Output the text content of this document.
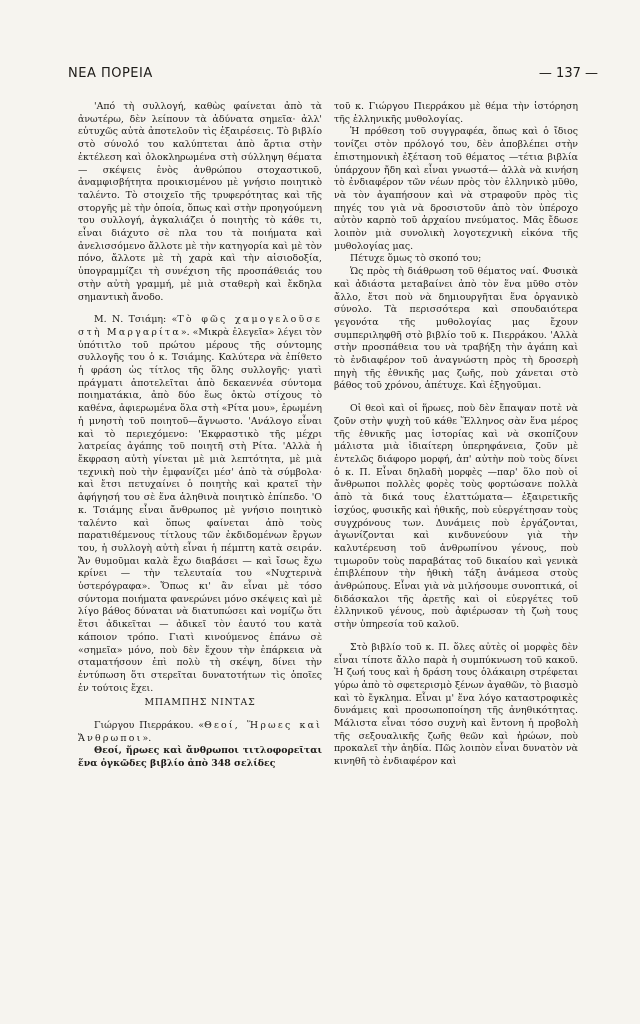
ΝΕΑ ΠΟΡΕΙΑ	— 137 —

'Από τὴ συλλογή, καθὼς φαίνεται ἀπὸ τὰ ἀνωτέρω, δὲν λείπουν τὰ ἀδύνατα σημεῖα· ἀλλ' εὐτυχῶς αὐτὰ ἀποτελοῦν τὶς ἐξαιρέσεις. Τὸ βιβλίο στὸ σύνολό του καλύπτεται ἀπὸ ἄρτια στὴν ἐκτέλεση καὶ ὁλοκληρωμένα στὴ σύλληψη θέματα — σκέψεις ἑνὸς ἀνθρώπου στοχαστικοῦ, ἀναμφισβήτητα προικισμένου μὲ γνήσιο ποιητικὸ ταλέντο. Τὸ στοιχεῖο τῆς τρυφερότητας καὶ τῆς στοργῆς μὲ τὴν ὁποία, ὅπως καὶ στὴν προηγούμενη του συλλογή, ἀγκαλιάζει ὁ ποιητὴς τὸ κάθε τι, εἶναι διάχυτο σὲ πλα του τὰ ποιήματα καὶ ἀνελισσόμενο ἄλλοτε μὲ τὴν κατηγορία καὶ μὲ τὸν πόνο, ἄλλοτε μὲ τὴ χαρὰ καὶ τὴν αἰσιοδοξία, ὑπογραμμίζει τὴ συνέχιση τῆς προσπάθειάς του στὴν αὐτὴ γραμμή, μὲ μιὰ σταθερὴ καὶ ἔκδηλα σημαντικὴ ἄνοδο.

Μ. Ν. Τσιάμη: «Τὸ φῶς χαμογελοῦσε στὴ Μαργαρίτα». «Μικρὰ ἐλεγεῖα» λέγει τὸν ὑπότιτλο τοῦ πρώτου μέρους τῆς σύντομης συλλογῆς του ὁ κ. Τσιάμης. Καλύτερα νὰ ἐπίθετο ἡ φράση ὡς τίτλος τῆς ὅλης συλλογῆς· γιατὶ πράγματι ἀποτελεῖται ἀπὸ δεκαεννέα σύντομα ποιηματάκια, ἀπὸ δύο ἕως ὀκτὼ στίχους τὸ καθένα, ἀφιερωμένα ὅλα στὴ «Ρίτα μου», ἑρωμένη ἡ μνηστὴ τοῦ ποιητοῦ—ἄγνωστο. 'Ανάλογο εἶναι καὶ τὸ περιεχόμενο: 'Εκφραστικὸ τῆς μέχρι λατρείας ἀγάπης τοῦ ποιητῆ στὴ Ρίτα. 'Αλλὰ ἡ ἔκφραση αὐτὴ γίνεται μὲ μιὰ λεπτότητα, μὲ μιὰ τεχνικὴ ποὺ τὴν ἐμφανίζει μέσ' ἀπὸ τὰ σύμβολα· καὶ ἔτσι πετυχαίνει ὁ ποιητὴς καὶ κρατεῖ τὴν ἀφήγησή του σὲ ἕνα ἀληθινὰ ποιητικὸ ἐπίπεδο. 'Ο κ. Τσιάμης εἶναι ἄνθρωπος μὲ γνήσιο ποιητικὸ ταλέντο καὶ ὅπως φαίνεται ἀπὸ τοὺς παρατιθέμενους τίτλους τῶν ἐκδιδομένων ἔργων του, ἡ συλλογὴ αὐτὴ εἶναι ἡ πέμπτη κατὰ σειράν. Ἄν θυμοῦμαι καλὰ ἔχω διαβάσει — καὶ ἴσως ἔχω κρίνει — τὴν τελευταία του «Νυχτερινὰ ὑστερόγραφα». Ὅπως κι' ἂν εἶναι μὲ τόσο σύντομα ποιήματα φανερώνει μόνο σκέψεις καὶ μὲ λίγο βάθος δύναται νὰ διατυπώσει καὶ νομίζω ὅτι ἔτσι ἀδικεῖται — ἀδικεῖ τὸν ἑαυτό του κατὰ κάποιον τρόπο. Γιατὶ κινούμενος ἐπάνω σὲ «σημεῖα» μόνο, ποὺ δὲν ἔχουν τὴν ἐπάρκεια νὰ σταματήσουν ἐπὶ πολὺ τὴ σκέψη, δίνει τὴν ἐντύπωση ὅτι στερεῖται δυνατοτήτων τὶς ὁποῖες ἐν τούτοις ἔχει.

ΜΠΑΜΠΗΣ ΝΙΝΤΑΣ

Γιώργου Πιερράκου. «Θεοί, Ἥρωες καὶ Ἄνθρωποι».

Θεοί, ἥρωες καὶ ἄνθρωποι τιτλοφορεῖται ἕνα ὀγκῶδες βιβλίο ἀπὸ 348 σελίδες

τοῦ κ. Γιώργου Πιερράκου μὲ θέμα τὴν ἱστόρηση τῆς ἑλληνικῆς μυθολογίας.

Ἡ πρόθεση τοῦ συγγραφέα, ὅπως καὶ ὁ ἴδιος τονίζει στὸν πρόλογό του, δὲν ἀποβλέπει στὴν ἐπιστημονικὴ ἐξέταση τοῦ θέματος —τέτια βιβλία ὑπάρχουν ἤδη καὶ εἶναι γνωστά— ἀλλὰ νὰ κινήση τὸ ἐνδιαφέρον τῶν νέων πρὸς τὸν ἑλληνικὸ μῦθο, νὰ τὸν ἀγαπήσουν καὶ νὰ στραφοῦν πρὸς τὶς πηγές του γιὰ νὰ δροσιστοῦν ἀπὸ τὸν ὑπέροχο αὐτὸν καρπὸ τοῦ ἀρχαίου πνεύματος. Μᾶς ἔδωσε λοιπὸν μιὰ συνολικὴ λογοτεχνικὴ εἰκόνα τῆς μυθολογίας μας.

Πέτυχε ὅμως τὸ σκοπό του;

Ὡς πρὸς τὴ διάθρωση τοῦ θέματος ναί. Φυσικὰ καὶ ἀδιάστα μεταβαίνει ἀπὸ τὸν ἕνα μῦθο στὸν ἄλλο, ἔτσι ποὺ νὰ δημιουργῆται ἕνα ὀργανικὸ σύνολο. Τὰ περισσότερα καὶ σπουδαιότερα γεγονότα τῆς μυθολογίας μας ἔχουν συμπεριληφθῆ στὸ βιβλίο τοῦ κ. Πιερράκου. 'Αλλὰ στὴν προσπάθεια του νὰ τραβήξη τὴν ἀγάπη καὶ τὸ ἐνδιαφέρον τοῦ ἀναγνώστη πρὸς τὴ δροσερὴ πηγὴ τῆς ἐθνικῆς μας ζωῆς, ποὺ χάνεται στὸ βάθος τοῦ χρόνου, ἀπέτυχε. Καὶ ἐξηγοῦμαι.

Οἱ θεοὶ καὶ οἱ ἥρωες, ποὺ δὲν ἔπαψαν ποτὲ νὰ ζοῦν στὴν ψυχὴ τοῦ κάθε Ἕλληνος σὰν ἕνα μέρος τῆς ἐθνικῆς μας ἱστορίας καὶ νὰ σκοπίζουν μάλιστα μιὰ ἰδιαίτερη ὑπερηφάνεια, ζοῦν μὲ ἐντελῶς διάφορο μορφή, ἀπ' αὐτὴν ποὺ τοὺς δίνει ὁ κ. Π. Εἶναι δηλαδὴ μορφὲς —παρ' ὅλο ποὺ οἱ ἄνθρωποι πολλὲς φορὲς τοὺς φορτώσανε πολλὰ ἀπὸ τὰ δικά τους ἐλαττώματα— ἐξαιρετικῆς ἰσχύος, φυσικῆς καὶ ἠθικῆς, ποὺ εὐεργέτησαν τοὺς συγχρόνους των. Δυνάμεις ποὺ ἐργάζονται, ἀγωνίζονται καὶ κινδυνεύουν γιὰ τὴν καλυτέρευση τοῦ ἀνθρωπίνου γένους, ποὺ τιμωροῦν τοὺς παραβάτας τοῦ δικαίου καὶ γενικὰ ἐπιβλέπουν τὴν ἠθικὴ τάξη ἀνάμεσα στοὺς ἀνθρώπους. Εἶναι γιὰ νὰ μιλήσουμε συνοπτικά, οἱ διδάσκαλοι τῆς ἀρετῆς καὶ οἱ εὐεργέτες τοῦ ἑλληνικοῦ γένους, ποὺ ἀφιέρωσαν τὴ ζωὴ τους στὴν ὑπηρεσία τοῦ καλοῦ.

Στὸ βιβλίο τοῦ κ. Π. ὅλες αὐτὲς οἱ μορφὲς δὲν εἶναι τίποτε ἄλλο παρὰ ἡ συμπύκνωση τοῦ κακοῦ. Ἡ ζωή τους καὶ ἡ δράση τους ὁλάκαιρη στρέφεται γύρω ἀπὸ τὸ σφετερισμὸ ξένων ἀγαθῶν, τὸ βιασμὸ καὶ τὸ ἔγκλημα. Εἶναι μ' ἕνα λόγο καταστροφικὲς δυνάμεις καὶ προσωποποίηση τῆς ἀνηθικότητας. Μάλιστα εἶναι τόσο συχνὴ καὶ ἔντονη ἡ προβολὴ τῆς σεξουαλικῆς ζωῆς θεῶν καὶ ἡρώων, ποὺ προκαλεῖ τὴν ἀηδία. Πῶς λοιπὸν εἶναι δυνατὸν νὰ κινηθῆ τὸ ἐνδιαφέρον καὶ
